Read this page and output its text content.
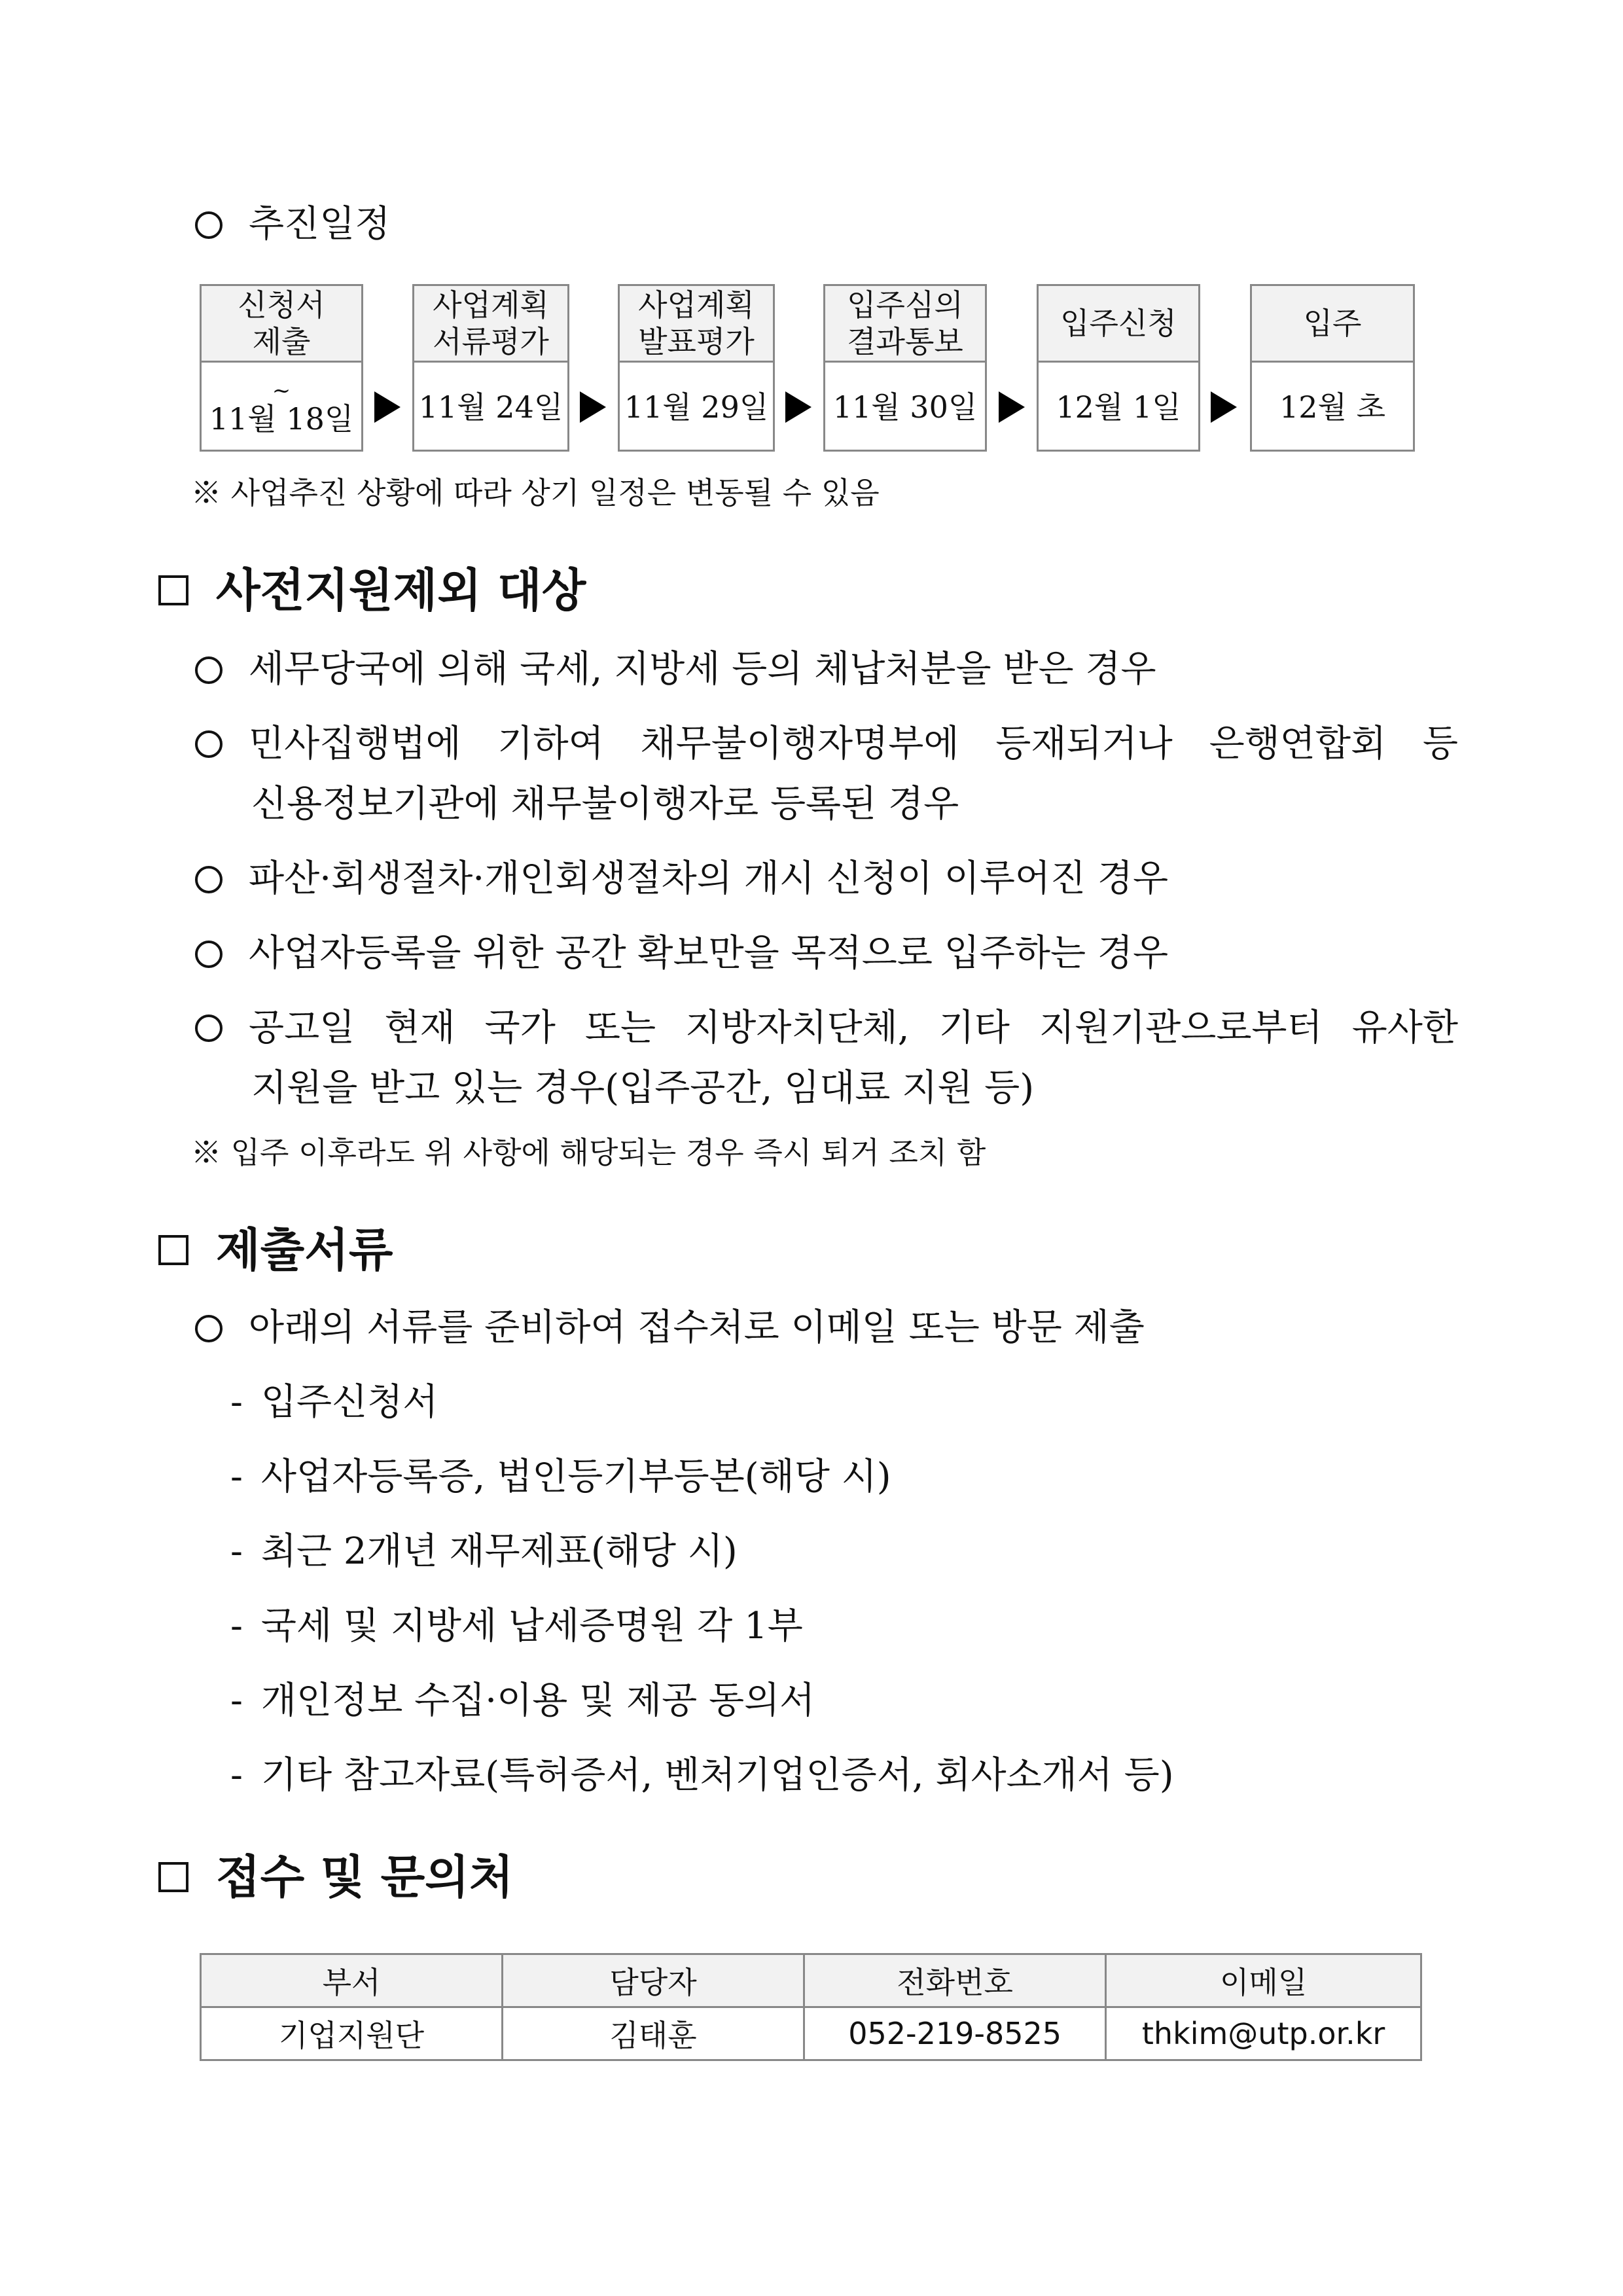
추진일정
신청서 제출
~
11월 18일
사업계획 서류평가
11월 24일
사업계획 발표평가
11월 29일
입주심의 결과통보
11월 30일
입주신청
12월 1일
입주
12월 초
※ 사업추진 상황에 따라 상기 일정은 변동될 수 있음
사전지원제외 대상
세무당국에 의해 국세, 지방세 등의 체납처분을 받은 경우
민사집행법에 기하여 채무불이행자명부에 등재되거나 은행연합회 등
신용정보기관에 채무불이행자로 등록된 경우
파산·회생절차·개인회생절차의 개시 신청이 이루어진 경우
사업자등록을 위한 공간 확보만을 목적으로 입주하는 경우
공고일 현재 국가 또는 지방자치단체, 기타 지원기관으로부터 유사한
지원을 받고 있는 경우(입주공간, 임대료 지원 등)
※ 입주 이후라도 위 사항에 해당되는 경우 즉시 퇴거 조치 함
제출서류
아래의 서류를 준비하여 접수처로 이메일 또는 방문 제출
- 입주신청서
- 사업자등록증, 법인등기부등본(해당 시)
- 최근 2개년 재무제표(해당 시)
- 국세 및 지방세 납세증명원 각 1부
- 개인정보 수집·이용 및 제공 동의서
- 기타 참고자료(특허증서, 벤처기업인증서, 회사소개서 등)
접수 및 문의처
부서	담당자	전화번호	이메일
기업지원단	김태훈	052-219-8525	thkim@utp.or.kr
